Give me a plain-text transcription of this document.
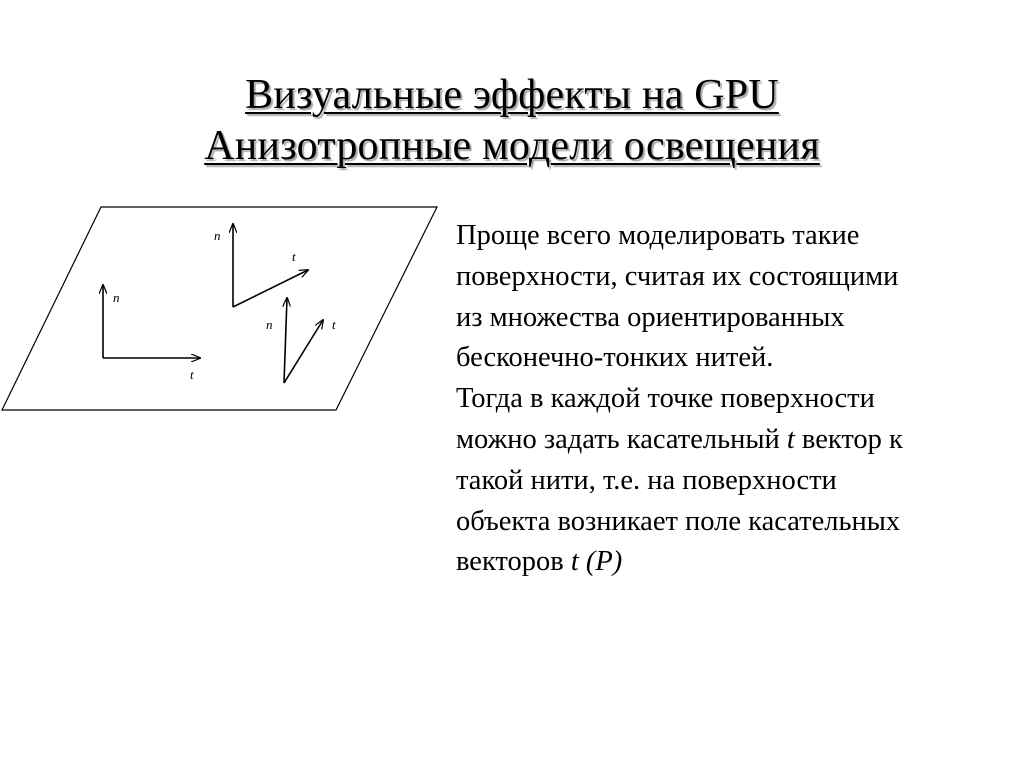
Визуальные эффекты на GPU
Анизотропные модели освещения
n
t
n
t
n	t

Проще всего моделировать такие

поверхности, считая их состоящими

из множества ориентированных

бесконечно-тонких нитей.

Тогда в каждой точке поверхности

можно задать касательный t вектор к

такой нити, т.е. на поверхности

объекта возникает поле касательных

векторов t (P)
